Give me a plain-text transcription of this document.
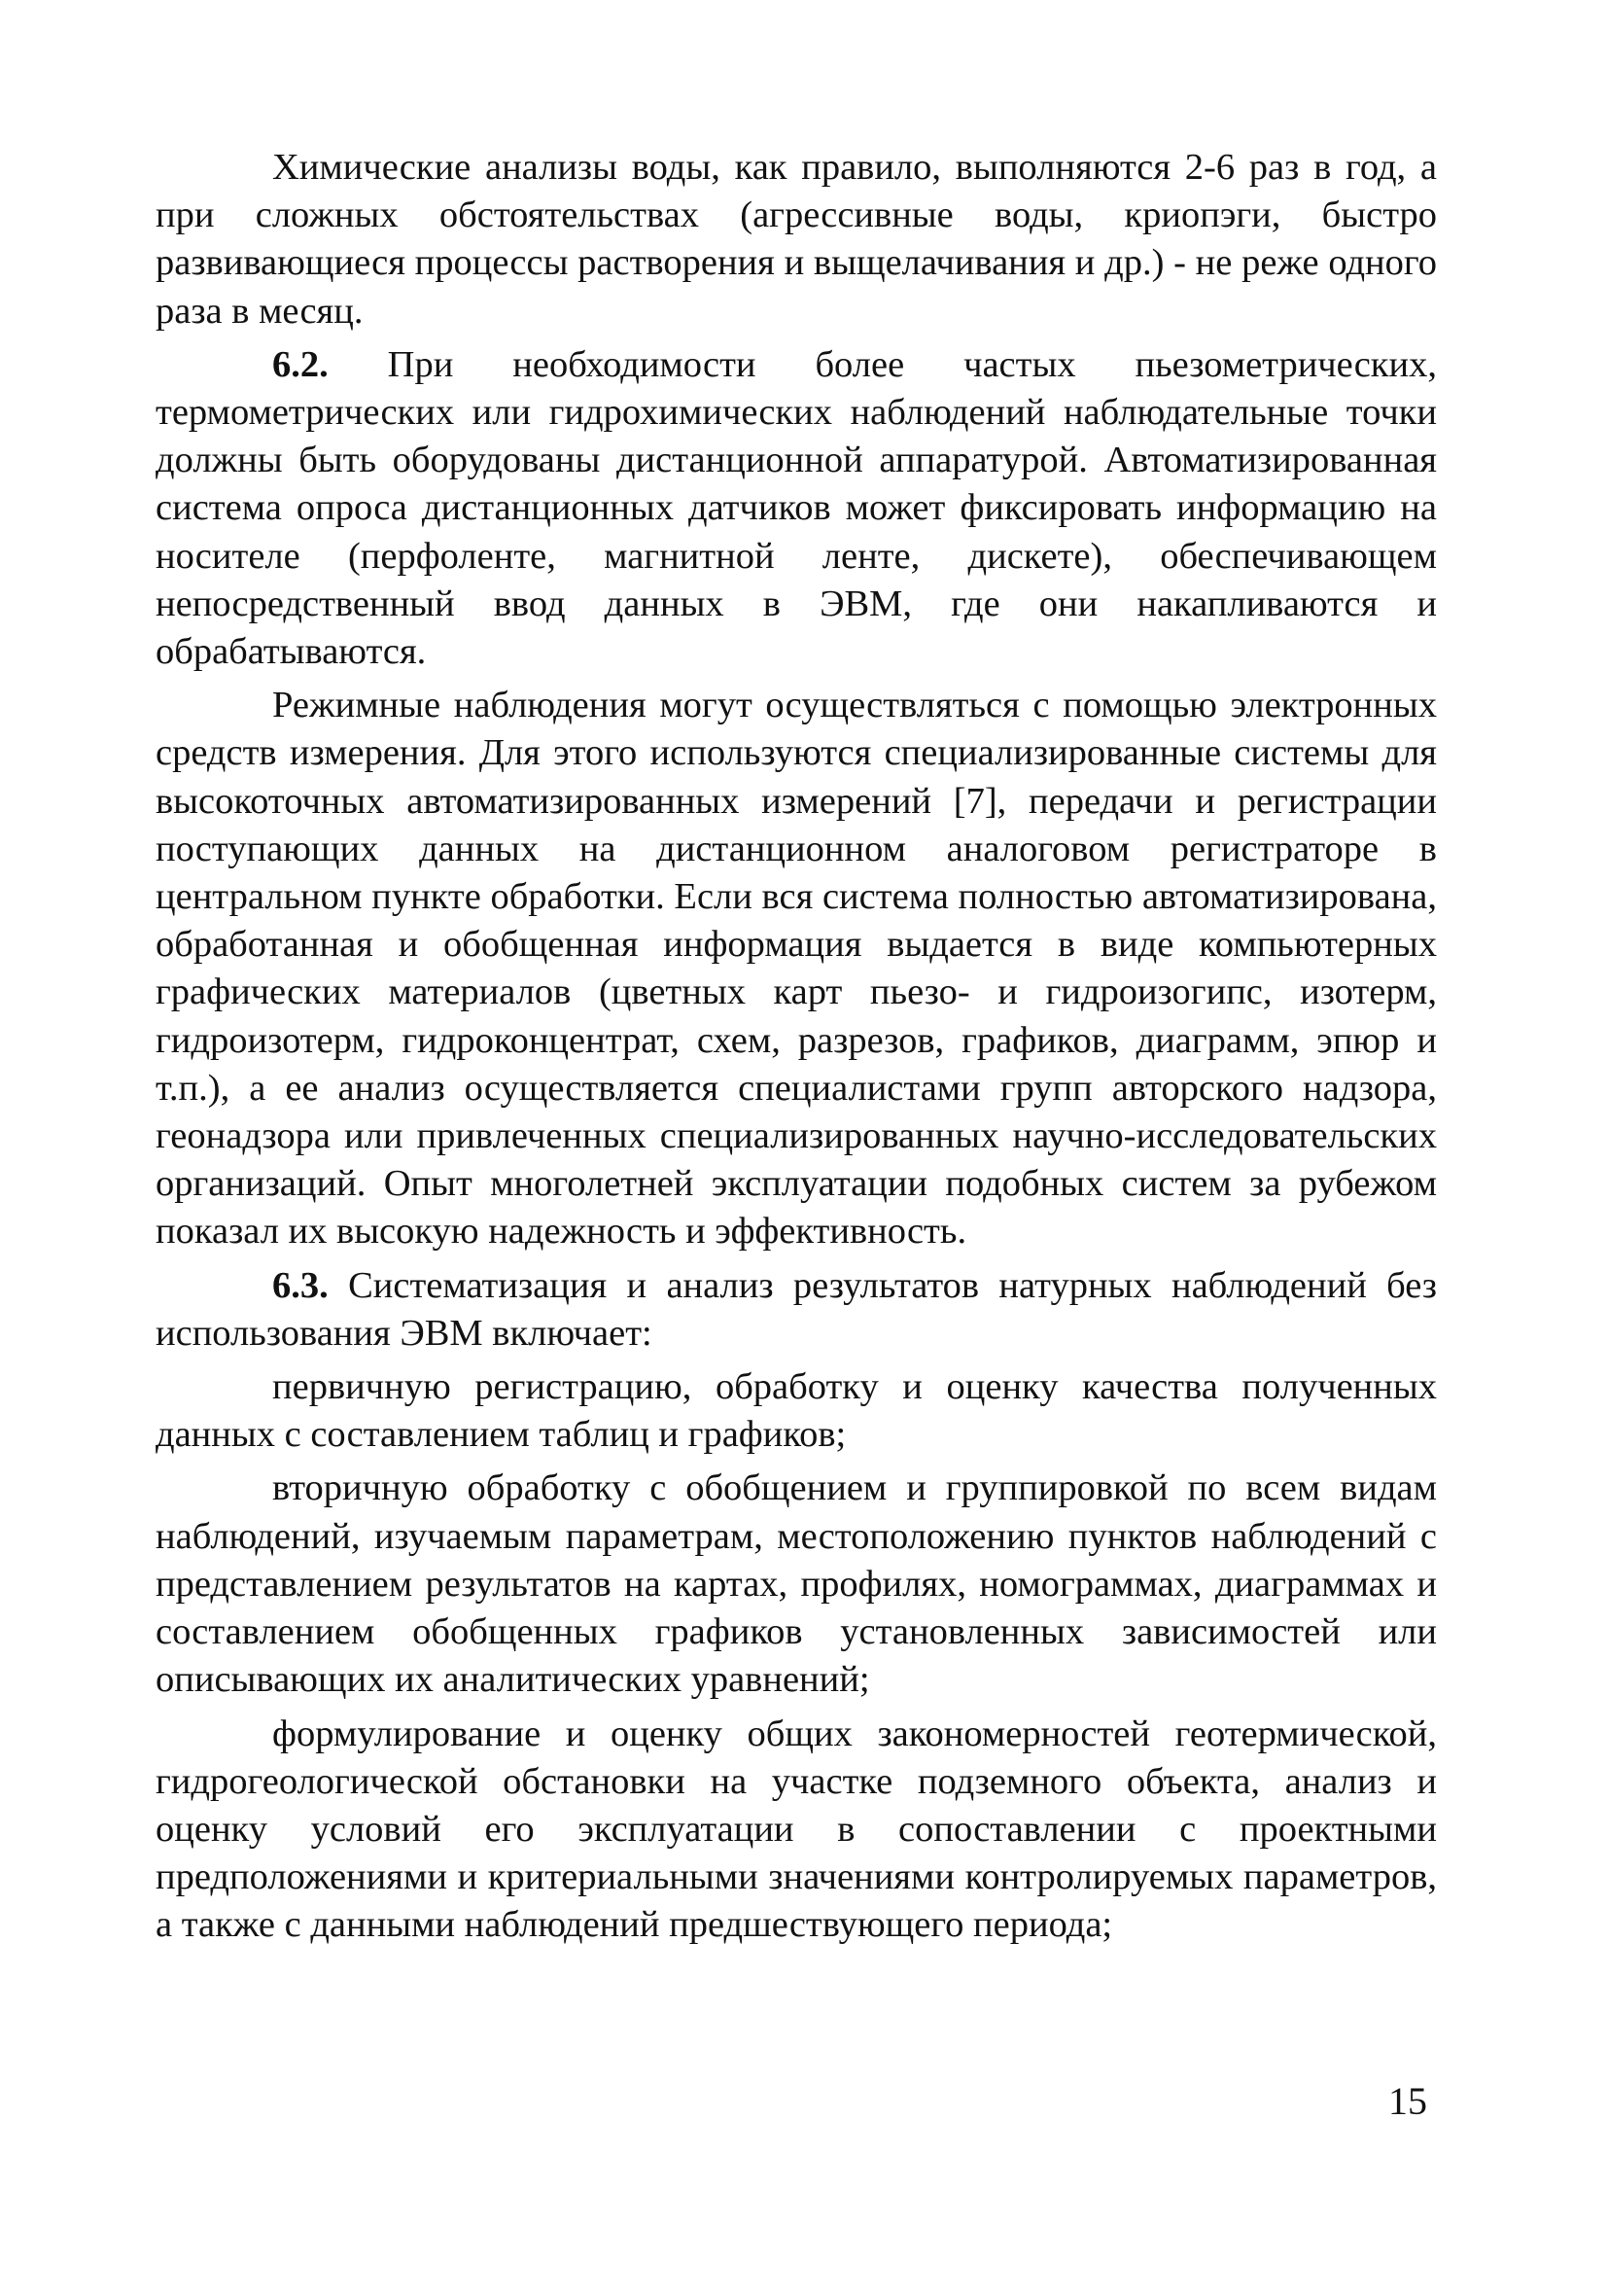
Химические анализы воды, как правило, выполняются 2-6 раз в год, а при сложных обстоятельствах (агрессивные воды, криопэги, быстро развивающиеся процессы растворения и выщелачивания и др.) - не реже одного раза в месяц.

6.2. При необходимости более частых пьезометрических, термометрических или гидрохимических наблюдений наблюдательные точки должны быть оборудованы дистанционной аппаратурой. Автоматизированная система опроса дистанционных датчиков может фиксировать информацию на носителе (перфоленте, магнитной ленте, дискете), обеспечивающем непосредственный ввод данных в ЭВМ, где они накапливаются и обрабатываются.

Режимные наблюдения могут осуществляться с помощью электронных средств измерения. Для этого используются специализированные системы для высокоточных автоматизированных измерений [7], передачи и регистрации поступающих данных на дистанционном аналоговом регистраторе в центральном пункте обработки. Если вся система полностью автоматизирована, обработанная и обобщенная информация выдается в виде компьютерных графических материалов (цветных карт пьезо- и гидроизогипс, изотерм, гидроизотерм, гидроконцентрат, схем, разрезов, графиков, диаграмм, эпюр и т.п.), а ее анализ осуществляется специалистами групп авторского надзора, геонадзора или привлеченных специализированных научно-исследовательских организаций. Опыт многолетней эксплуатации подобных систем за рубежом показал их высокую надежность и эффективность.

6.3. Систематизация и анализ результатов натурных наблюдений без использования ЭВМ включает:

первичную регистрацию, обработку и оценку качества полученных данных с составлением таблиц и графиков;

вторичную обработку с обобщением и группировкой по всем видам наблюдений, изучаемым параметрам, местоположению пунктов наблюдений с представлением результатов на картах, профилях, номограммах, диаграммах и составлением обобщенных графиков установленных зависимостей или описывающих их аналитических уравнений;

формулирование и оценку общих закономерностей геотермической, гидрогеологической обстановки на участке подземного объекта, анализ и оценку условий его эксплуатации в сопоставлении с проектными предположениями и критериальными значениями контролируемых параметров, а также с данными наблюдений предшествующего периода;

15
